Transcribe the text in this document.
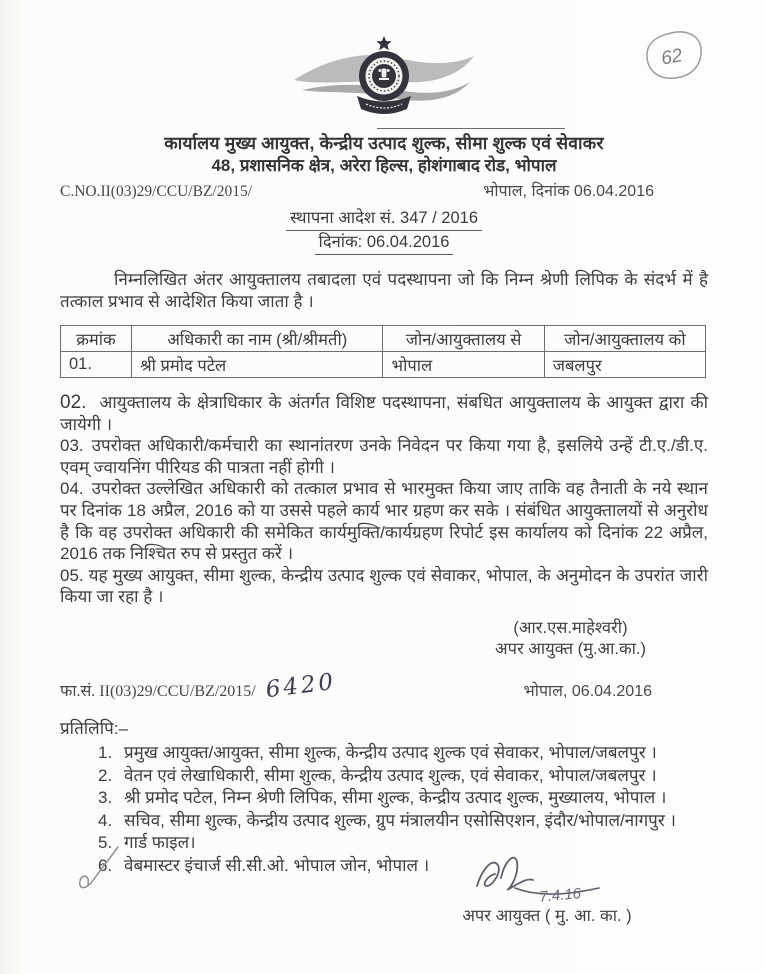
62
कार्यालय मुख्य आयुक्त, केन्द्रीय उत्पाद शुल्क, सीमा शुल्क एवं सेवाकर
48, प्रशासनिक क्षेत्र, अरेरा हिल्स, होशंगाबाद रोड, भोपाल
C.NO.II(03)29/CCU/BZ/2015/	भोपाल, दिनांक 06.04.2016
स्थापना आदेश सं. 347 / 2016
दिनांक: 06.04.2016

निम्नलिखित अंतर आयुक्तालय तबादला एवं पदस्थापना जो कि निम्न श्रेणी लिपिक के संदर्भ में है तत्काल प्रभाव से आदेशित किया जाता है ।

क्रमांक	अधिकारी का नाम (श्री/श्रीमती)	जोन/आयुक्तालय से	जोन/आयुक्तालय को
01.	श्री प्रमोद पटेल	भोपाल	जबलपुर

02. आयुक्तालय के क्षेत्राधिकार के अंतर्गत विशिष्ट पदस्थापना, संबधित आयुक्तालय के आयुक्त द्वारा की जायेगी ।

03. उपरोक्त अधिकारी/कर्मचारी का स्थानांतरण उनके निवेदन पर किया गया है, इसलिये उन्हें टी.ए./डी.ए. एवम् ज्वायनिंग पीरियड की पात्रता नहीं होगी ।

04. उपरोक्त उल्लेखित अधिकारी को तत्काल प्रभाव से भारमुक्त किया जाए ताकि वह तैनाती के नये स्थान पर दिनांक 18 अप्रैल, 2016 को या उससे पहले कार्य भार ग्रहण कर सके । संबंधित आयुक्तालयों से अनुरोध है कि वह उपरोक्त अधिकारी की समेकित कार्यमुक्ति/कार्यग्रहण रिपोर्ट इस कार्यालय को दिनांक 22 अप्रैल, 2016 तक निश्चित रुप से प्रस्तुत करें ।

05. यह मुख्य आयुक्त, सीमा शुल्क, केन्द्रीय उत्पाद शुल्क एवं सेवाकर, भोपाल, के अनुमोदन के उपरांत जारी किया जा रहा है ।

(आर.एस.माहेश्वरी)
अपर आयुक्त (मु.आ.का.)
फा.सं. II(03)29/CCU/BZ/2015/ 6420	भोपाल, 06.04.2016
प्रतिलिपि:–
प्रमुख आयुक्त/आयुक्त, सीमा शुल्क, केन्द्रीय उत्पाद शुल्क एवं सेवाकर, भोपाल/जबलपुर ।
वेतन एवं लेखाधिकारी, सीमा शुल्क, केन्द्रीय उत्पाद शुल्क, एवं सेवाकर, भोपाल/जबलपुर ।
श्री प्रमोद पटेल, निम्न श्रेणी लिपिक, सीमा शुल्क, केन्द्रीय उत्पाद शुल्क, मुख्यालय, भोपाल ।
सचिव, सीमा शुल्क, केन्द्रीय उत्पाद शुल्क, ग्रुप मंत्रालयीन एसोसिएशन, इंदौर/भोपाल/नागपुर ।
गार्ड फाइल।
वेबमास्टर इंचार्ज सी.सी.ओ. भोपाल जोन, भोपाल ।
7.4.16
अपर आयुक्त ( मु. आ. का. )
